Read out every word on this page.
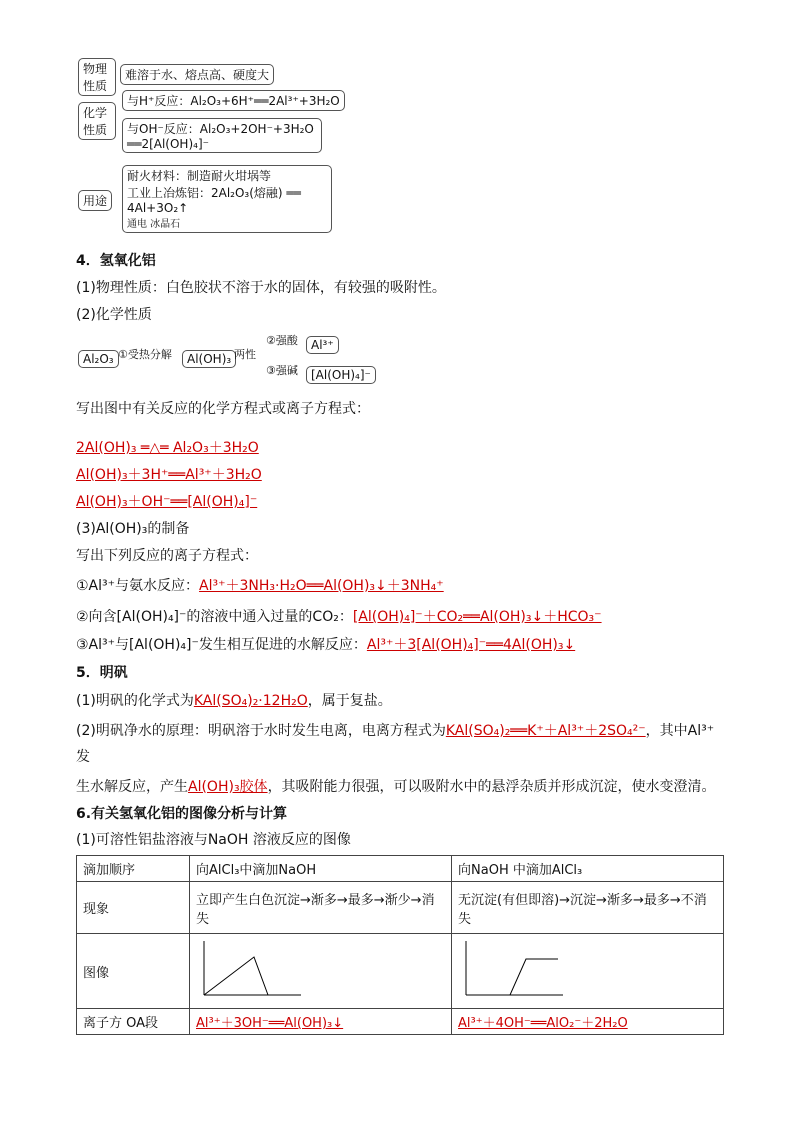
物理性质
难溶于水、熔点高、硬度大
化学性质
与H⁺反应：Al₂O₃+6H⁺══2Al³⁺+3H₂O
与OH⁻反应：Al₂O₃+2OH⁻+3H₂O ══2[Al(OH)₄]⁻
用途
耐火材料：制造耐火坩埚等
工业上冶炼铝：2Al₂O₃(熔融) ══ 4Al+3O₂↑
通电 冰晶石
4．氢氧化铝
(1)物理性质：白色胶状不溶于水的固体，有较强的吸附性。
(2)化学性质
Al₂O₃ ①受热分解	Al(OH)₃ 两性
②强酸	Al³⁺
③强碱	[Al(OH)₄]⁻
写出图中有关反应的化学方程式或离子方程式：
2Al(OH)₃ ═△═ Al₂O₃＋3H₂O
Al(OH)₃＋3H⁺══Al³⁺＋3H₂O
Al(OH)₃＋OH⁻══[Al(OH)₄]⁻
(3)Al(OH)₃的制备
写出下列反应的离子方程式：
①Al³⁺与氨水反应：Al³⁺＋3NH₃·H₂O══Al(OH)₃↓＋3NH₄⁺
②向含[Al(OH)₄]⁻的溶液中通入过量的CO₂：[Al(OH)₄]⁻＋CO₂══Al(OH)₃↓＋HCO₃⁻
③Al³⁺与[Al(OH)₄]⁻发生相互促进的水解反应：Al³⁺＋3[Al(OH)₄]⁻══4Al(OH)₃↓
5．明矾
(1)明矾的化学式为KAl(SO₄)₂·12H₂O，属于复盐。
(2)明矾净水的原理：明矾溶于水时发生电离，电离方程式为KAl(SO₄)₂══K⁺＋Al³⁺＋2SO₄²⁻，其中Al³⁺
发
生水解反应，产生Al(OH)₃胶体，其吸附能力很强，可以吸附水中的悬浮杂质并形成沉淀，使水变澄清。
6.有关氢氧化铝的图像分析与计算
(1)可溶性铝盐溶液与NaOH 溶液反应的图像
滴加顺序	向AlCl₃中滴加NaOH	向NaOH 中滴加AlCl₃
现象	立即产生白色沉淀→渐多→最多→渐少→消失	无沉淀(有但即溶)→沉淀→渐多→最多→不消失
图像		
离子方 OA段	Al³⁺＋3OH⁻══Al(OH)₃↓	Al³⁺＋4OH⁻══AlO₂⁻＋2H₂O
